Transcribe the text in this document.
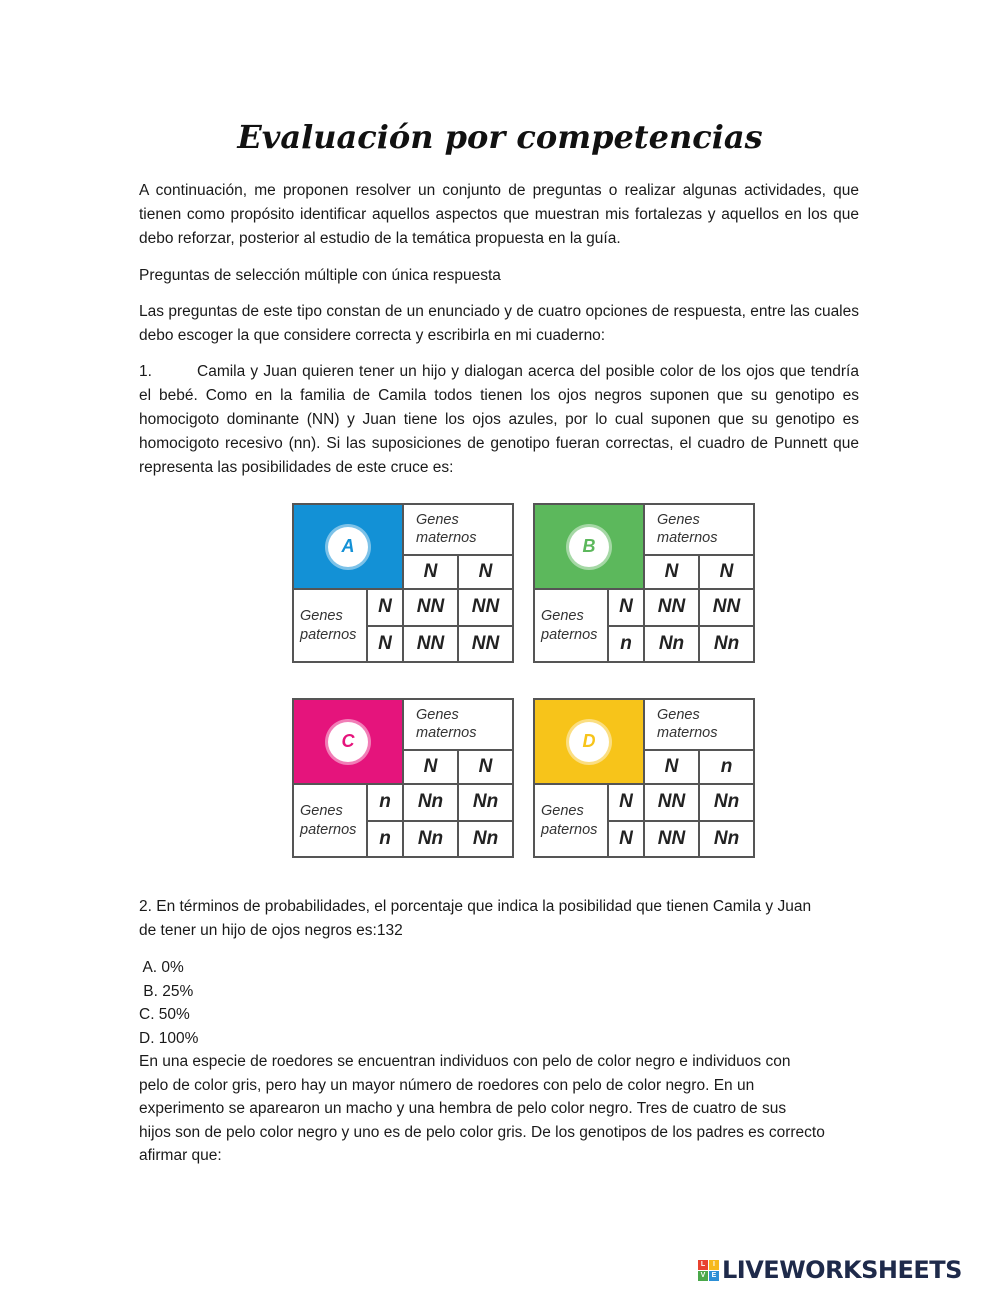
Evaluación por competencias
A continuación, me proponen resolver un conjunto de preguntas o realizar algunas actividades, que tienen como propósito identificar aquellos aspectos que muestran mis fortalezas y aquellos en los que debo reforzar, posterior al estudio de la temática propuesta en la guía.
Preguntas de selección múltiple con única respuesta
Las preguntas de este tipo constan de un enunciado y de cuatro opciones de respuesta, entre las cuales debo escoger la que considere correcta y escribirla en mi cuaderno:
1.	Camila y Juan quieren tener un hijo y dialogan acerca del posible color de los ojos que tendría el bebé. Como en la familia de Camila todos tienen los ojos negros suponen que su genotipo es homocigoto dominante (NN) y Juan tiene los ojos azules, por lo cual suponen que su genotipo es homocigoto recesivo (nn). Si las suposiciones de genotipo fueran correctas, el cuadro de Punnett que representa las posibilidades de este cruce es:
A		Genes maternos	
		N	N
Genes paternos	N	NN	NN
	N	NN	NN
B		Genes maternos	
		N	N
Genes paternos	N	NN	NN
	n	Nn	Nn
C		Genes maternos	
		N	N
Genes paternos	n	Nn	Nn
	n	Nn	Nn
D		Genes maternos	
		N	n
Genes paternos	N	NN	Nn
	N	NN	Nn
2. En términos de probabilidades, el porcentaje que indica la posibilidad que tienen Camila y Juan
de tener un hijo de ojos negros es:132
A. 0%
B. 25%
C. 50%
D. 100%
En una especie de roedores se encuentran individuos con pelo de color negro e individuos con
pelo de color gris, pero hay un mayor número de roedores con pelo de color negro. En un
experimento se aparearon un macho y una hembra de pelo color negro. Tres de cuatro de sus
hijos son de pelo color negro y uno es de pelo color gris. De los genotipos de los padres es correcto
afirmar que:
L	I
V E LIVEWORKSHEETS
